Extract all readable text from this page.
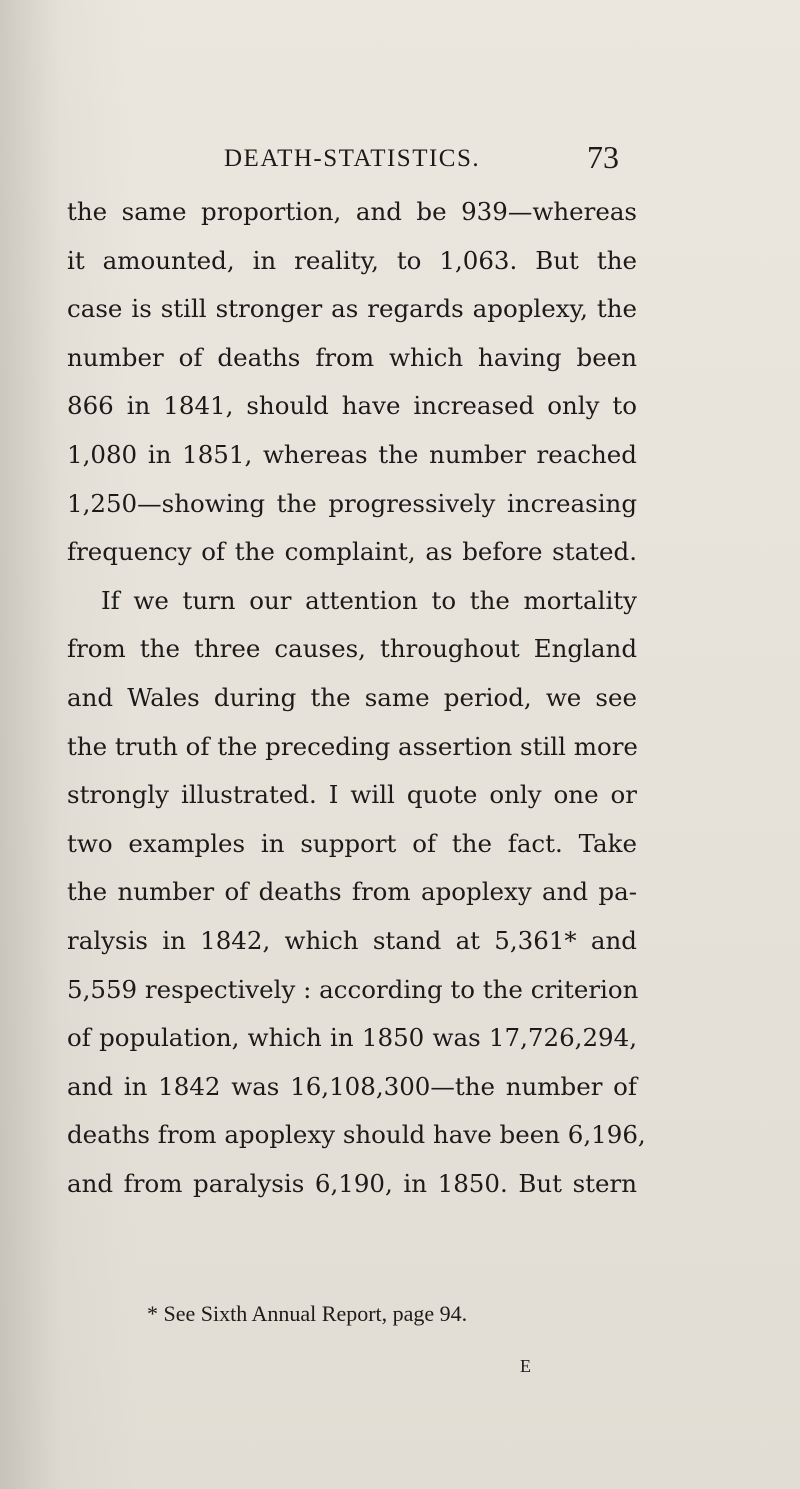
DEATH-STATISTICS.	73
the same proportion, and be 939—whereas
it amounted, in reality, to 1,063. But the
case is still stronger as regards apoplexy, the
number of deaths from which having been
866 in 1841, should have increased only to
1,080 in 1851, whereas the number reached
1,250—showing the progressively increasing
frequency of the complaint, as before stated.
If we turn our attention to the mortality
from the three causes, throughout England
and Wales during the same period, we see
the truth of the preceding assertion still more
strongly illustrated. I will quote only one or
two examples in support of the fact. Take
the number of deaths from apoplexy and pa-
ralysis in 1842, which stand at 5,361* and
5,559 respectively : according to the criterion
of population, which in 1850 was 17,726,294,
and in 1842 was 16,108,300—the number of
deaths from apoplexy should have been 6,196,
and from paralysis 6,190, in 1850. But stern
* See Sixth Annual Report, page 94.
E
